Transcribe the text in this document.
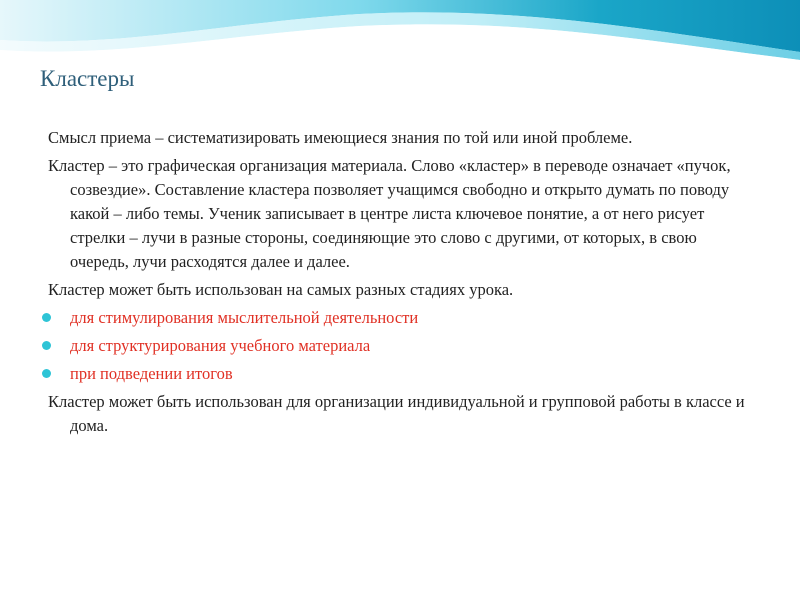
Кластеры

Смысл приема – систематизировать имеющиеся знания по той или иной проблеме.

Кластер – это графическая организация материала. Слово «кластер» в переводе означает «пучок, созвездие». Составление кластера позволяет учащимся свободно и открыто думать по поводу какой – либо темы. Ученик записывает в центре листа ключевое понятие, а от него рисует стрелки – лучи в разные стороны, соединяющие это слово с другими, от которых, в свою очередь, лучи расходятся далее и далее.

Кластер может быть использован на самых разных стадиях урока.

для стимулирования мыслительной деятельности
для структурирования учебного материала
при подведении итогов

Кластер может быть использован для организации индивидуальной и групповой работы в классе и дома.
